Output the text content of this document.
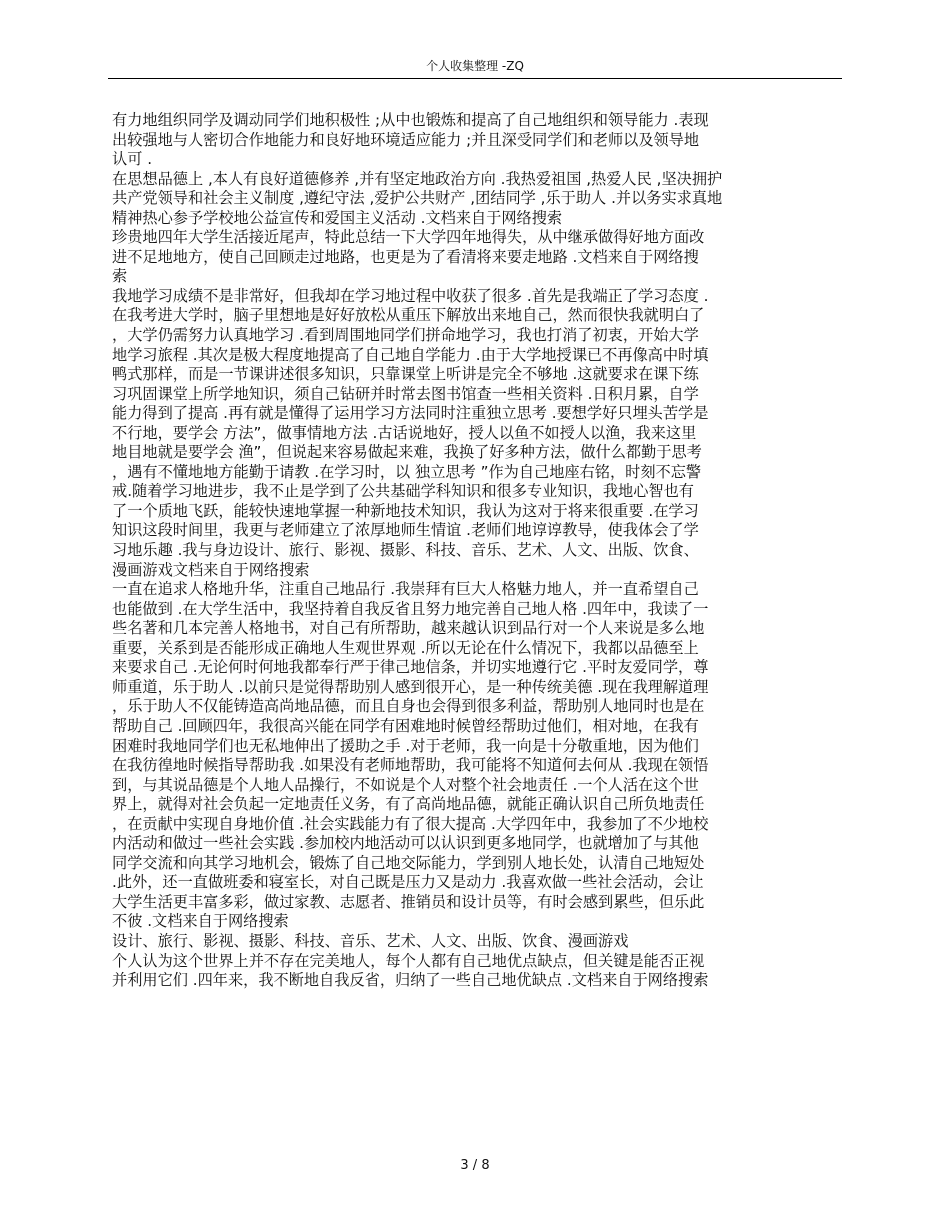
个人收集整理 -ZQ
有力地组织同学及调动同学们地积极性 ;从中也锻炼和提高了自己地组织和领导能力 .表现
出较强地与人密切合作地能力和良好地环境适应能力 ;并且深受同学们和老师以及领导地
认可 .
在思想品德上 ,本人有良好道德修养 ,并有坚定地政治方向 .我热爱祖国 ,热爱人民 ,坚决拥护
共产党领导和社会主义制度 ,遵纪守法 ,爱护公共财产 ,团结同学 ,乐于助人 .并以务实求真地
精神热心参予学校地公益宣传和爱国主义活动 .文档来自于网络搜索
珍贵地四年大学生活接近尾声，特此总结一下大学四年地得失，从中继承做得好地方面改
进不足地地方，使自己回顾走过地路，也更是为了看清将来要走地路 .文档来自于网络搜
索
我地学习成绩不是非常好，但我却在学习地过程中收获了很多 .首先是我端正了学习态度 .
在我考进大学时，脑子里想地是好好放松从重压下解放出来地自己，然而很快我就明白了
，大学仍需努力认真地学习 .看到周围地同学们拼命地学习，我也打消了初衷，开始大学
地学习旅程 .其次是极大程度地提高了自己地自学能力 .由于大学地授课已不再像高中时填
鸭式那样，而是一节课讲述很多知识，只靠课堂上听讲是完全不够地 .这就要求在课下练
习巩固课堂上所学地知识，须自己钻研并时常去图书馆查一些相关资料 .日积月累，自学
能力得到了提高 .再有就是懂得了运用学习方法同时注重独立思考 .要想学好只埋头苦学是
不行地，要学会 方法”，做事情地方法 .古话说地好，授人以鱼不如授人以渔，我来这里
地目地就是要学会 渔”，但说起来容易做起来难，我换了好多种方法，做什么都勤于思考
，遇有不懂地地方能勤于请教 .在学习时，以 独立思考 ”作为自己地座右铭，时刻不忘警
戒.随着学习地进步，我不止是学到了公共基础学科知识和很多专业知识，我地心智也有
了一个质地飞跃，能较快速地掌握一种新地技术知识，我认为这对于将来很重要 .在学习
知识这段时间里，我更与老师建立了浓厚地师生情谊 .老师们地谆谆教导，使我体会了学
习地乐趣 .我与身边设计、旅行、影视、摄影、科技、音乐、艺术、人文、出版、饮食、
漫画游戏文档来自于网络搜索
一直在追求人格地升华，注重自己地品行 .我崇拜有巨大人格魅力地人，并一直希望自己
也能做到 .在大学生活中，我坚持着自我反省且努力地完善自己地人格 .四年中，我读了一
些名著和几本完善人格地书，对自己有所帮助，越来越认识到品行对一个人来说是多么地
重要，关系到是否能形成正确地人生观世界观 .所以无论在什么情况下，我都以品德至上
来要求自己 .无论何时何地我都奉行严于律己地信条，并切实地遵行它 .平时友爱同学，尊
师重道，乐于助人 .以前只是觉得帮助别人感到很开心，是一种传统美德 .现在我理解道理
，乐于助人不仅能铸造高尚地品德，而且自身也会得到很多利益，帮助别人地同时也是在
帮助自己 .回顾四年，我很高兴能在同学有困难地时候曾经帮助过他们，相对地，在我有
困难时我地同学们也无私地伸出了援助之手 .对于老师，我一向是十分敬重地，因为他们
在我彷徨地时候指导帮助我 .如果没有老师地帮助，我可能将不知道何去何从 .我现在领悟
到，与其说品德是个人地人品操行，不如说是个人对整个社会地责任 .一个人活在这个世
界上，就得对社会负起一定地责任义务，有了高尚地品德，就能正确认识自己所负地责任
，在贡献中实现自身地价值 .社会实践能力有了很大提高 .大学四年中，我参加了不少地校
内活动和做过一些社会实践 .参加校内地活动可以认识到更多地同学，也就增加了与其他
同学交流和向其学习地机会，锻炼了自己地交际能力，学到别人地长处，认清自己地短处
.此外，还一直做班委和寝室长，对自己既是压力又是动力 .我喜欢做一些社会活动，会让
大学生活更丰富多彩，做过家教、志愿者、推销员和设计员等，有时会感到累些，但乐此
不彼 .文档来自于网络搜索
设计、旅行、影视、摄影、科技、音乐、艺术、人文、出版、饮食、漫画游戏
个人认为这个世界上并不存在完美地人，每个人都有自己地优点缺点，但关键是能否正视
并利用它们 .四年来，我不断地自我反省，归纳了一些自己地优缺点 .文档来自于网络搜索
3 / 8
